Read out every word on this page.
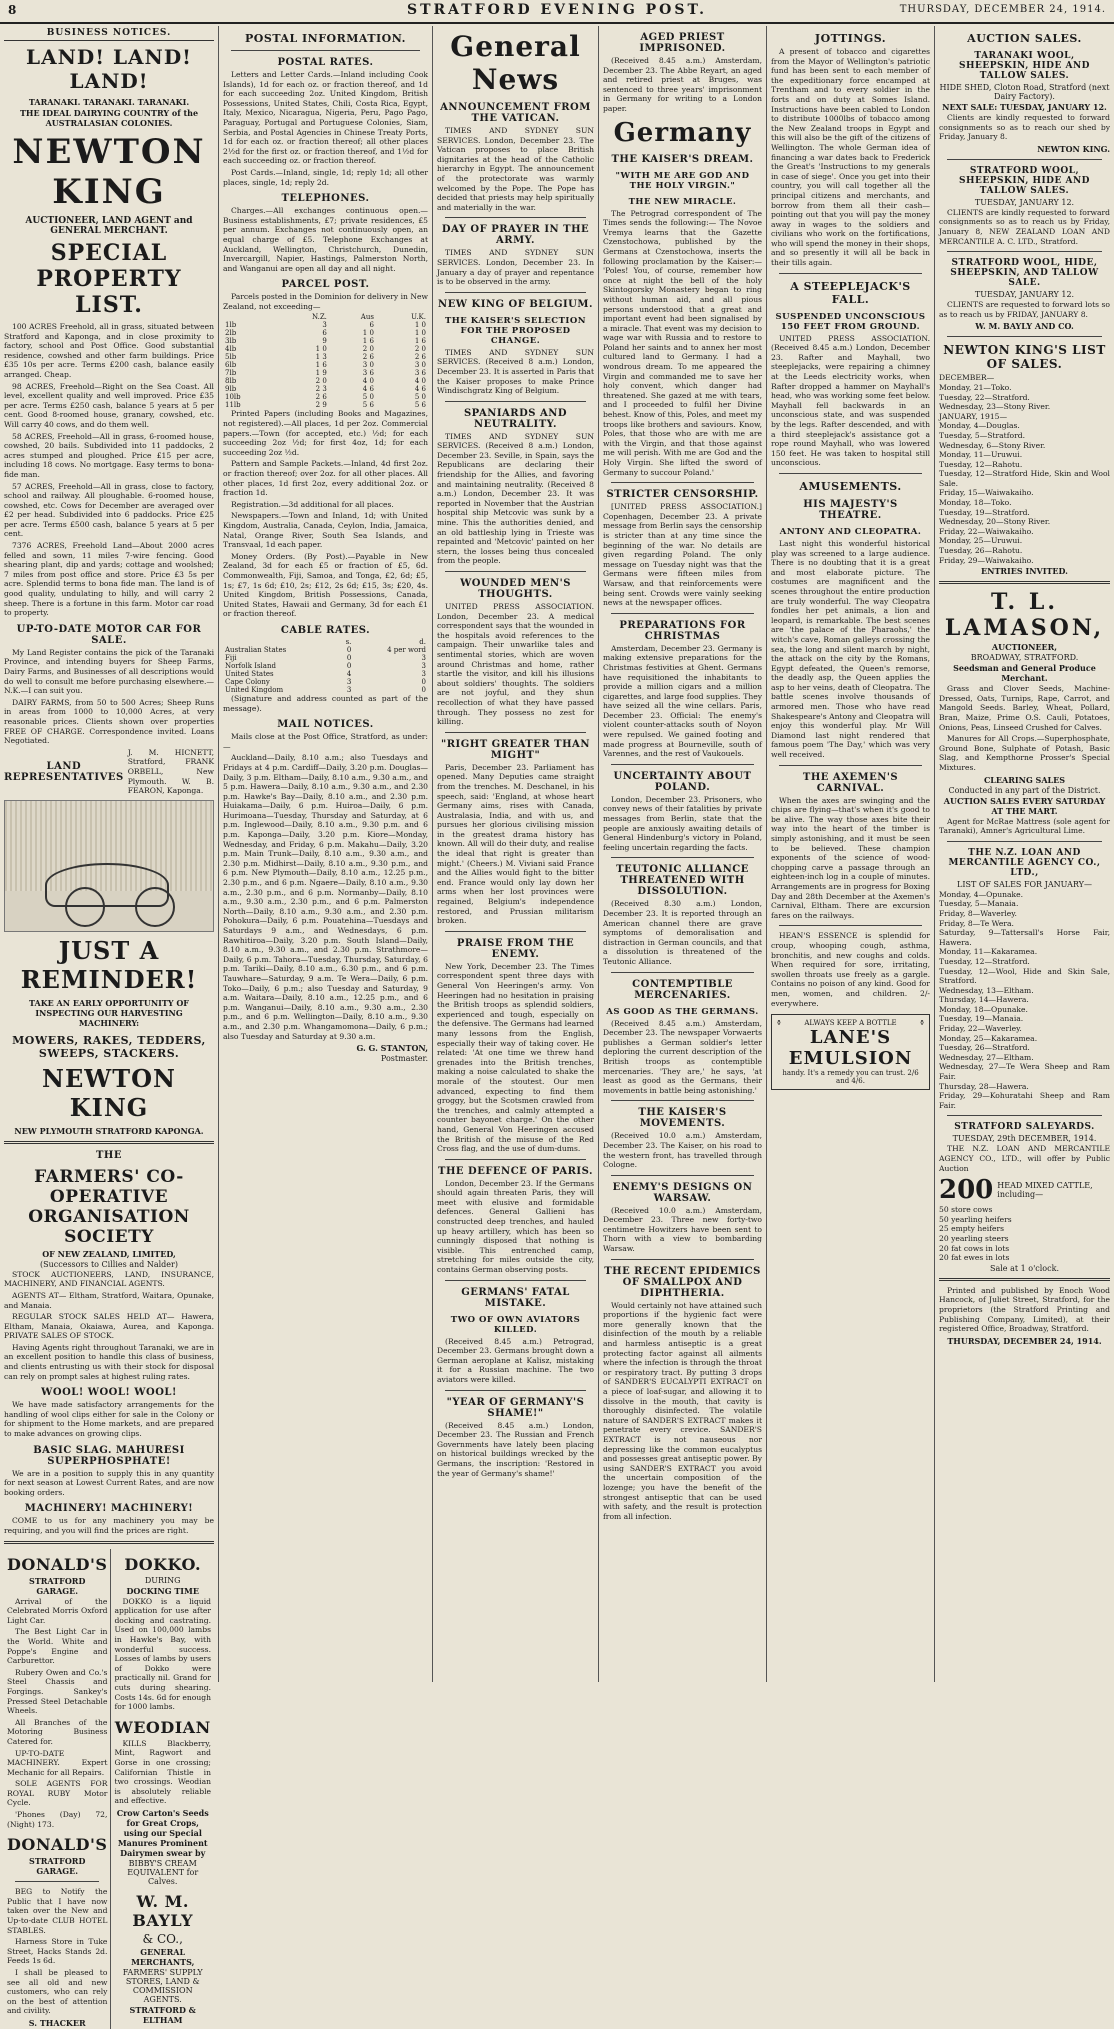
8	STRATFORD EVENING POST.	THURSDAY, DECEMBER 24, 1914.
BUSINESS NOTICES.
LAND! LAND! LAND!
TARANAKI. TARANAKI. TARANAKI.
THE IDEAL DAIRYING COUNTRY of the AUSTRALASIAN COLONIES.
NEWTON KING
AUCTIONEER, LAND AGENT and GENERAL MERCHANT.
SPECIAL PROPERTY LIST.

100 ACRES Freehold, all in grass, situated between Stratford and Kaponga, and in close proximity to factory, school and Post Office. Good substantial residence, cowshed and other farm buildings. Price £35 10s per acre. Terms £200 cash, balance easily arranged. Cheap.

98 ACRES, Freehold—Right on the Sea Coast. All level, excellent quality and well improved. Price £35 per acre. Terms £250 cash, balance 5 years at 5 per cent. Good 8-roomed house, granary, cowshed, etc. Will carry 40 cows, and do them well.

58 ACRES, Freehold—All in grass, 6-roomed house, cowshed, 20 bails. Subdivided into 11 paddocks, 2 acres stumped and ploughed. Price £15 per acre, including 18 cows. No mortgage. Easy terms to bona-fide man.

57 ACRES, Freehold—All in grass, close to factory, school and railway. All ploughable. 6-roomed house, cowshed, etc. Cows for December are averaged over £2 per head. Subdivided into 6 paddocks. Price £25 per acre. Terms £500 cash, balance 5 years at 5 per cent.

7376 ACRES, Freehold Land—About 2000 acres felled and sown, 11 miles 7-wire fencing. Good shearing plant, dip and yards; cottage and woolshed; 7 miles from post office and store. Price £3 5s per acre. Splendid terms to bona fide man. The land is of good quality, undulating to hilly, and will carry 2 sheep. There is a fortune in this farm. Motor car road to property.

UP-TO-DATE MOTOR CAR FOR SALE.

My Land Register contains the pick of the Taranaki Province, and intending buyers for Sheep Farms, Dairy Farms, and Businesses of all descriptions would do well to consult me before purchasing elsewhere.—N.K.—I can suit you.

DAIRY FARMS, from 50 to 500 Acres; Sheep Runs in areas from 1000 to 10,000 Acres, at very reasonable prices. Clients shown over properties FREE OF CHARGE. Correspondence invited. Loans Negotiated.

LAND REPRESENTATIVES
J. M. HICNETT, Stratford, FRANK ORBELL, New Plymouth. W. B. FEARON, Kaponga.
JUST A REMINDER!
TAKE AN EARLY OPPORTUNITY OF INSPECTING OUR HARVESTING MACHINERY:
MOWERS, RAKES, TEDDERS, SWEEPS, STACKERS.
NEWTON KING
NEW PLYMOUTH STRATFORD KAPONGA.
THE
FARMERS' CO-OPERATIVE ORGANISATION SOCIETY
OF NEW ZEALAND, LIMITED,
(Successors to Cillies and Nalder)

STOCK AUCTIONEERS, LAND, INSURANCE, MACHINERY, AND FINANCIAL AGENTS.

AGENTS AT— Eltham, Stratford, Waitara, Opunake, and Manaia.

REGULAR STOCK SALES HELD AT— Hawera, Eltham, Manaia, Okaiawa, Aurea, and Kaponga. PRIVATE SALES OF STOCK.

Having Agents right throughout Taranaki, we are in an excellent position to handle this class of business, and clients entrusting us with their stock for disposal can rely on prompt sales at highest ruling rates.

WOOL! WOOL! WOOL!

We have made satisfactory arrangements for the handling of wool clips either for sale in the Colony or for shipment to the Home markets, and are prepared to make advances on growing clips.

BASIC SLAG. MAHURESI SUPERPHOSPHATE!

We are in a position to supply this in any quantity for next season at Lowest Current Rates, and are now booking orders.

MACHINERY! MACHINERY!

COME to us for any machinery you may be requiring, and you will find the prices are right.

DONALD'S
STRATFORD GARAGE.

Arrival of the Celebrated Morris Oxford Light Car.

The Best Light Car in the World. White and Poppe's Engine and Carburettor.

Rubery Owen and Co.'s Steel Chassis and Forgings. Sankey's Pressed Steel Detachable Wheels.

All Branches of the Motoring Business Catered for.

UP-TO-DATE MACHINERY. Expert Mechanic for all Repairs.

SOLE AGENTS FOR ROYAL RUBY Motor Cycle.

'Phones (Day) 72, (Night) 173.

DONALD'S
STRATFORD GARAGE.

BEG to Notify the Public that I have now taken over the New and Up-to-date CLUB HOTEL STABLES.

Harness Store in Tuke Street, Hacks Stands 2d. Feeds 1s 6d.

I shall be pleased to see all old and new customers, who can rely on the best of attention and civility.

S. THACKER
DOKKO.
DURING
DOCKING TIME

DOKKO is a liquid application for use after docking and castrating. Used on 100,000 lambs in Hawke's Bay, with wonderful success. Losses of lambs by users of Dokko were practically nil. Grand for cuts during shearing. Costs 14s. 6d for enough for 1000 lambs.

WEODIAN

KILLS Blackberry, Mint, Ragwort and Gorse in one crossing; Californian Thistle in two crossings. Weodian is absolutely reliable and effective.

Crow Carton's Seeds for Great Crops, using our Special Manures Prominent Dairymen swear by
BIBBY'S CREAM EQUIVALENT for Calves.
W. M. BAYLY
& CO.,
GENERAL MERCHANTS,
FARMERS' SUPPLY STORES, LAND & COMMISSION AGENTS.
STRATFORD & ELTHAM
POSTAL INFORMATION.
POSTAL RATES.

Letters and Letter Cards.—Inland including Cook Islands), 1d for each oz. or fraction thereof, and 1d for each succeeding 2oz. United Kingdom, British Possessions, United States, Chili, Costa Rica, Egypt, Italy, Mexico, Nicaragua, Nigeria, Peru, Pago Pago, Paraguay, Portugal and Portuguese Colonies, Siam, Serbia, and Postal Agencies in Chinese Treaty Ports, 1d for each oz. or fraction thereof; all other places 2½d for the first oz. or fraction thereof, and 1½d for each succeeding oz. or fraction thereof.

Post Cards.—Inland, single, 1d; reply 1d; all other places, single, 1d; reply 2d.

TELEPHONES.

Charges.—All exchanges continuous open.—Business establishments, £7; private residences, £5 per annum. Exchanges not continuously open, an equal charge of £5. Telephone Exchanges at Auckland, Wellington, Christchurch, Dunedin, Invercargill, Napier, Hastings, Palmerston North, and Wanganui are open all day and all night.

PARCEL POST.

Parcels posted in the Dominion for delivery in New Zealand, not exceeding—

	N.Z.	Aus	U.K.
1lb	3	6	1 0
2lb	6	1 0	1 0
3lb	9	1 6	1 6
4lb	1 0	2 0	2 0
5lb	1 3	2 6	2 6
6lb	1 6	3 0	3 0
7lb	1 9	3 6	3 6
8lb	2 0	4 0	4 0
9lb	2 3	4 6	4 6
10lb	2 6	5 0	5 0
11lb	2 9	5 6	5 6

Printed Papers (including Books and Magazines, not registered).—All places, 1d per 2oz. Commercial papers.—Town (for accepted, etc.) ½d; for each succeeding 2oz ½d; for first 4oz, 1d; for each succeeding 2oz ½d.

Pattern and Sample Packets.—Inland, 4d first 2oz. or fraction thereof; over 2oz. for all other places. All other places, 1d first 2oz, every additional 2oz. or fraction 1d.

Registration.—3d additional for all places.

Newspapers.—Town and Inland, 1d; with United Kingdom, Australia, Canada, Ceylon, India, Jamaica, Natal, Orange River, South Sea Islands, and Transvaal, 1d each paper.

Money Orders. (By Post).—Payable in New Zealand, 3d for each £5 or fraction of £5, 6d. Commonwealth, Fiji, Samoa, and Tonga, £2, 6d; £5, 1s; £7, 1s 6d; £10, 2s; £12, 2s 6d; £15, 3s; £20, 4s. United Kingdom, British Possessions, Canada, United States, Hawaii and Germany, 3d for each £1 or fraction thereof.

CABLE RATES.
	s.	d.
Australian States	0	4 per word
Fiji	0	3
Norfolk Island	0	3
United States	4	3
Cape Colony	3	0
United Kingdom	3	0

(Signature and address counted as part of the message).

MAIL NOTICES.

Mails close at the Post Office, Stratford, as under:—

Auckland—Daily, 8.10 a.m.; also Tuesdays and Fridays at 4 p.m. Cardiff—Daily, 3.20 p.m. Douglas—Daily, 3 p.m. Eltham—Daily, 8.10 a.m., 9.30 a.m., and 5 p.m. Hawera—Daily, 8.10 a.m., 9.30 a.m., and 2.30 p.m. Hawke's Bay—Daily, 8.10 a.m., and 2.30 p.m. Huiakama—Daily, 6 p.m. Huiroa—Daily, 6 p.m. Hurimoana—Tuesday, Thursday and Saturday, at 6 p.m. Inglewood—Daily, 8.10 a.m., 9.30 p.m. and 6 p.m. Kaponga—Daily, 3.20 p.m. Kiore—Monday, Wednesday, and Friday, 6 p.m. Makahu—Daily, 3.20 p.m. Main Trunk—Daily, 8.10 a.m., 9.30 a.m., and 2.30 p.m. Midhirst—Daily, 8.10 a.m., 9.30 p.m., and 6 p.m. New Plymouth—Daily, 8.10 a.m., 12.25 p.m., 2.30 p.m., and 6 p.m. Ngaere—Daily, 8.10 a.m., 9.30 a.m., 2.30 p.m., and 6 p.m. Normanby—Daily, 8.10 a.m., 9.30 a.m., 2.30 p.m., and 6 p.m. Palmerston North—Daily, 8.10 a.m., 9.30 a.m., and 2.30 p.m. Pohokura—Daily, 6 p.m. Pouatehina—Tuesdays and Saturdays 9 a.m., and Wednesdays, 6 p.m. Rawhitiroa—Daily, 3.20 p.m. South Island—Daily, 8.10 a.m., 9.30 a.m., and 2.30 p.m. Strathmore—Daily, 6 p.m. Tahora—Tuesday, Thursday, Saturday, 6 p.m. Tariki—Daily, 8.10 a.m., 6.30 p.m., and 6 p.m. Tauwhare—Saturday, 9 a.m. Te Wera—Daily, 6 p.m. Toko—Daily, 6 p.m.; also Tuesday and Saturday, 9 a.m. Waitara—Daily, 8.10 a.m., 12.25 p.m., and 6 p.m. Wanganui—Daily, 8.10 a.m., 9.30 a.m., 2.30 p.m., and 6 p.m. Wellington—Daily, 8.10 a.m., 9.30 a.m., and 2.30 p.m. Whangamomona—Daily, 6 p.m.; also Tuesday and Saturday at 9.30 a.m.

G. G. STANTON,
Postmaster.
General News
ANNOUNCEMENT FROM THE VATICAN.

TIMES AND SYDNEY SUN SERVICES. London, December 23. The Vatican proposes to place British dignitaries at the head of the Catholic hierarchy in Egypt. The announcement of the protectorate was warmly welcomed by the Pope. The Pope has decided that priests may help spiritually and materially in the war.

DAY OF PRAYER IN THE ARMY.

TIMES AND SYDNEY SUN SERVICES. London, December 23. In January a day of prayer and repentance is to be observed in the army.

NEW KING OF BELGIUM.
THE KAISER'S SELECTION FOR THE PROPOSED CHANGE.

TIMES AND SYDNEY SUN SERVICES. (Received 8 a.m.) London, December 23. It is asserted in Paris that the Kaiser proposes to make Prince Windischgratz King of Belgium.

SPANIARDS AND NEUTRALITY.

TIMES AND SYDNEY SUN SERVICES. (Received 8 a.m.) London, December 23. Seville, in Spain, says the Republicans are declaring their friendship for the Allies, and favoring and maintaining neutrality. (Received 8 a.m.) London, December 23. It was reported in November that the Austrian hospital ship Metcovic was sunk by a mine. This the authorities denied, and an old battleship lying in Trieste was repainted and 'Metcovic' painted on her stern, the losses being thus concealed from the people.

WOUNDED MEN'S THOUGHTS.

UNITED PRESS ASSOCIATION. London, December 23. A medical correspondent says that the wounded in the hospitals avoid references to the campaign. Their unwarlike tales and sentimental stories, which are woven around Christmas and home, rather startle the visitor, and kill his illusions about soldiers' thoughts. The soldiers are not joyful, and they shun recollection of what they have passed through. They possess no zest for killing.

"RIGHT GREATER THAN MIGHT"

Paris, December 23. Parliament has opened. Many Deputies came straight from the trenches. M. Deschanel, in his speech, said: 'England, at whose heart Germany aims, rises with Canada, Australasia, India, and with us, and pursues her glorious civilising mission in the greatest drama history has known. All will do their duty, and realise the ideal that right is greater than might.' (Cheers.) M. Viviani said France and the Allies would fight to the bitter end. France would only lay down her arms when her lost provinces were regained, Belgium's independence restored, and Prussian militarism broken.

PRAISE FROM THE ENEMY.

New York, December 23. The Times correspondent spent three days with General Von Heeringen's army. Von Heeringen had no hesitation in praising the British troops as splendid soldiers, experienced and tough, especially on the defensive. The Germans had learned many lessons from the English, especially their way of taking cover. He related: 'At one time we threw hand grenades into the British trenches, making a noise calculated to shake the morale of the stoutest. Our men advanced, expecting to find them groggy, but the Scotsmen crawled from the trenches, and calmly attempted a counter bayonet charge.' On the other hand, General Von Heeringen accused the British of the misuse of the Red Cross flag, and the use of dum-dums.

THE DEFENCE OF PARIS.

London, December 23. If the Germans should again threaten Paris, they will meet with elusive and formidable defences. General Gallieni has constructed deep trenches, and hauled up heavy artillery, which has been so cunningly disposed that nothing is visible. This entrenched camp, stretching for miles outside the city, contains German observing posts.

GERMANS' FATAL MISTAKE.
TWO OF OWN AVIATORS KILLED.

(Received 8.45 a.m.) Petrograd, December 23. Germans brought down a German aeroplane at Kalisz, mistaking it for a Russian machine. The two aviators were killed.

"YEAR OF GERMANY'S SHAME!"

(Received 8.45 a.m.) London, December 23. The Russian and French Governments have lately been placing on historical buildings wrecked by the Germans, the inscription: 'Restored in the year of Germany's shame!'

AGED PRIEST IMPRISONED.

(Received 8.45 a.m.) Amsterdam, December 23. The Abbe Reyart, an aged and retired priest at Bruges, was sentenced to three years' imprisonment in Germany for writing to a London paper.

Germany
THE KAISER'S DREAM.
"WITH ME ARE GOD AND THE HOLY VIRGIN."
THE NEW MIRACLE.

The Petrograd correspondent of The Times sends the following:— The Novoe Vremya learns that the Gazette Czenstochowa, published by the Germans at Czenstochowa, inserts the following proclamation by the Kaiser:— 'Poles! You, of course, remember how once at night the bell of the holy Skintogorsky Monastery began to ring without human aid, and all pious persons understood that a great and important event had been signalised by a miracle. That event was my decision to wage war with Russia and to restore to Poland her saints and to annex her most cultured land to Germany. I had a wondrous dream. To me appeared the Virgin and commanded me to save her holy convent, which danger had threatened. She gazed at me with tears, and I proceeded to fulfil her Divine behest. Know of this, Poles, and meet my troops like brothers and saviours. Know, Poles, that those who are with me are with the Virgin, and that those against me will perish. With me are God and the Holy Virgin. She lifted the sword of Germany to succour Poland.'

STRICTER CENSORSHIP.

[UNITED PRESS ASSOCIATION.] Copenhagen, December 23. A private message from Berlin says the censorship is stricter than at any time since the beginning of the war. No details are given regarding Poland. The only message on Tuesday night was that the Germans were fifteen miles from Warsaw, and that reinforcements were being sent. Crowds were vainly seeking news at the newspaper offices.

PREPARATIONS FOR CHRISTMAS

Amsterdam, December 23. Germany is making extensive preparations for the Christmas festivities at Ghent. Germans have requisitioned the inhabitants to provide a million cigars and a million cigarettes, and large food supplies. They have seized all the wine cellars. Paris, December 23. Official: The enemy's violent counter-attacks south of Noyon were repulsed. We gained footing and made progress at Bourneville, south of Varennes, and the rest of Vaukouels.

UNCERTAINTY ABOUT POLAND.

London, December 23. Prisoners, who convey news of their fatalities by private messages from Berlin, state that the people are anxiously awaiting details of General Hindenburg's victory in Poland, feeling uncertain regarding the facts.

TEUTONIC ALLIANCE THREATENED WITH DISSOLUTION.

(Received 8.30 a.m.) London, December 23. It is reported through an American channel there are grave symptoms of demoralisation and distraction in German councils, and that a dissolution is threatened of the Teutonic Alliance.

CONTEMPTIBLE MERCENARIES.
AS GOOD AS THE GERMANS.

(Received 8.45 a.m.) Amsterdam, December 23. The newspaper Vorwaerts publishes a German soldier's letter deploring the current description of the British troops as contemptible mercenaries. 'They are,' he says, 'at least as good as the Germans, their movements in battle being astonishing.'

THE KAISER'S MOVEMENTS.

(Received 10.0 a.m.) Amsterdam, December 23. The Kaiser, on his road to the western front, has travelled through Cologne.

ENEMY'S DESIGNS ON WARSAW.

(Received 10.0 a.m.) Amsterdam, December 23. Three new forty-two centimetre Howitzers have been sent to Thorn with a view to bombarding Warsaw.

THE RECENT EPIDEMICS OF SMALLPOX AND DIPHTHERIA.

Would certainly not have attained such proportions if the hygienic fact were more generally known that the disinfection of the mouth by a reliable and harmless antiseptic is a great protecting factor against all ailments where the infection is through the throat or respiratory tract. By putting 3 drops of SANDER'S EUCALYPTI EXTRACT on a piece of loaf-sugar, and allowing it to dissolve in the mouth, that cavity is thoroughly disinfected. The volatile nature of SANDER'S EXTRACT makes it penetrate every crevice. SANDER'S EXTRACT is not nauseous nor depressing like the common eucalyptus and possesses great antiseptic power. By using SANDER'S EXTRACT you avoid the uncertain composition of the lozenge; you have the benefit of the strongest antiseptic that can be used with safety, and the result is protection from all infection.

JOTTINGS.

A present of tobacco and cigarettes from the Mayor of Wellington's patriotic fund has been sent to each member of the expeditionary force encamped at Trentham and to every soldier in the forts and on duty at Somes Island. Instructions have been cabled to London to distribute 1000lbs of tobacco among the New Zealand troops in Egypt and this will also be the gift of the citizens of Wellington. The whole German idea of financing a war dates back to Frederick the Great's 'Instructions to my generals in case of siege'. Once you get into their country, you will call together all the principal citizens and merchants, and borrow from them all their cash—pointing out that you will pay the money away in wages to the soldiers and civilians who work on the fortifications, who will spend the money in their shops, and so presently it will all be back in their tills again.

A STEEPLEJACK'S FALL.
SUSPENDED UNCONSCIOUS 150 FEET FROM GROUND.

UNITED PRESS ASSOCIATION. (Received 8.45 a.m.) London, December 23. Rafter and Mayhall, two steeplejacks, were repairing a chimney at the Leeds electricity works, when Rafter dropped a hammer on Mayhall's head, who was working some feet below. Mayhall fell backwards in an unconscious state, and was suspended by the legs. Rafter descended, and with a third steeplejack's assistance got a rope round Mayhall, who was lowered 150 feet. He was taken to hospital still unconscious.

AMUSEMENTS.
HIS MAJESTY'S THEATRE.
ANTONY AND CLEOPATRA.

Last night this wonderful historical play was screened to a large audience. There is no doubting that it is a great and most elaborate picture. The costumes are magnificent and the scenes throughout the entire production are truly wonderful. The way Cleopatra fondles her pet animals, a lion and leopard, is remarkable. The best scenes are 'the palace of the Pharaohs,' the witch's cave, Roman galleys crossing the sea, the long and silent march by night, the attack on the city by the Romans, Egypt defeated, the Queen's remorse, the deadly asp, the Queen applies the asp to her veins, death of Cleopatra. The battle scenes involve thousands of armored men. Those who have read Shakespeare's Antony and Cleopatra will enjoy this wonderful play. Mr Will Diamond last night rendered that famous poem 'The Day,' which was very well received.

THE AXEMEN'S CARNIVAL.

When the axes are swinging and the chips are flying—that's when it's good to be alive. The way those axes bite their way into the heart of the timber is simply astonishing, and it must be seen to be believed. These champion exponents of the science of wood-chopping carve a passage through an eighteen-inch log in a couple of minutes. Arrangements are in progress for Boxing Day and 28th December at the Axemen's Carnival, Eltham. There are excursion fares on the railways.

HEAN'S ESSENCE is splendid for croup, whooping cough, asthma, bronchitis, and new coughs and colds. When required for sore, irritating, swollen throats use freely as a gargle. Contains no poison of any kind. Good for men, women, and children. 2/- everywhere.

⚱	ALWAYS KEEP A BOTTLE	⚱
LANE'S EMULSION
handy. It's a remedy you can trust. 2/6 and 4/6.
AUCTION SALES.
TARANAKI WOOL, SHEEPSKIN, HIDE AND TALLOW SALES.
HIDE SHED, Cloton Road, Stratford (next Dairy Factory).
NEXT SALE: TUESDAY, JANUARY 12.

Clients are kindly requested to forward consignments so as to reach our shed by Friday, January 8.

NEWTON KING.
STRATFORD WOOL, SHEEPSKIN, HIDE AND TALLOW SALES.
TUESDAY, JANUARY 12.

CLIENTS are kindly requested to forward consignments so as to reach us by Friday, January 8, NEW ZEALAND LOAN AND MERCANTILE A. C. LTD., Stratford.

STRATFORD WOOL, HIDE, SHEEPSKIN, AND TALLOW SALE.
TUESDAY, JANUARY 12.

CLIENTS are requested to forward lots so as to reach us by FRIDAY, JANUARY 8.

W. M. BAYLY AND CO.
NEWTON KING'S LIST OF SALES.
DECEMBER—
Monday, 21—Toko.
Tuesday, 22—Stratford.
Wednesday, 23—Stony River.
JANUARY, 1915—
Monday, 4—Douglas.
Tuesday, 5—Stratford.
Wednesday, 6—Stony River.
Monday, 11—Uruwui.
Tuesday, 12—Rahotu.
Tuesday, 12—Stratford Hide, Skin and Wool Sale.
Friday, 15—Waiwakaiho.
Monday, 18—Toko.
Tuesday, 19—Stratford.
Wednesday, 20—Stony River.
Friday, 22—Waiwakaiho.
Monday, 25—Uruwui.
Tuesday, 26—Rahotu.
Friday, 29—Waiwakaiho.
ENTRIES INVITED.
T. L. LAMASON,
AUCTIONEER,
BROADWAY, STRATFORD.
Seedsman and General Produce Merchant.

Grass and Clover Seeds, Machine-Dressed, Oats, Turnips, Rape, Carrot, and Mangold Seeds. Barley, Wheat, Pollard, Bran, Maize, Prime O.S. Cauli, Potatoes, Onions, Peas, Linseed Crushed for Calves.

Manures for All Crops.—Superphosphate, Ground Bone, Sulphate of Potash, Basic Slag, and Kempthorne Prosser's Special Mixtures.

CLEARING SALES
Conducted in any part of the District.
AUCTION SALES EVERY SATURDAY AT THE MART.

Agent for McRae Mattress (sole agent for Taranaki), Amner's Agricultural Lime.

THE N.Z. LOAN AND MERCANTILE AGENCY CO., LTD.,
LIST OF SALES FOR JANUARY—
Monday, 4—Opunake.
Tuesday, 5—Manaia.
Friday, 8—Waverley.
Friday, 8—Te Wera.
Saturday, 9—Tattersall's Horse Fair, Hawera.
Monday, 11—Kakaramea.
Tuesday, 12—Stratford.
Tuesday, 12—Wool, Hide and Skin Sale, Stratford.
Wednesday, 13—Eltham.
Thursday, 14—Hawera.
Monday, 18—Opunake.
Tuesday, 19—Manaia.
Friday, 22—Waverley.
Monday, 25—Kakaramea.
Tuesday, 26—Stratford.
Wednesday, 27—Eltham.
Wednesday, 27—Te Wera Sheep and Ram Fair.
Thursday, 28—Hawera.
Friday, 29—Kohuratahi Sheep and Ram Fair.
STRATFORD SALEYARDS.
TUESDAY, 29th DECEMBER, 1914.

THE N.Z. LOAN AND MERCANTILE AGENCY CO., LTD., will offer by Public Auction

200 HEAD MIXED CATTLE, including—
50 store cows
50 yearling heifers
25 empty heifers
20 yearling steers
20 fat cows in lots
20 fat ewes in lots
Sale at 1 o'clock.

Printed and published by Enoch Wood Hancock, of Juliet Street, Stratford, for the proprietors (the Stratford Printing and Publishing Company, Limited), at their registered Office, Broadway, Stratford.

THURSDAY, DECEMBER 24, 1914.
